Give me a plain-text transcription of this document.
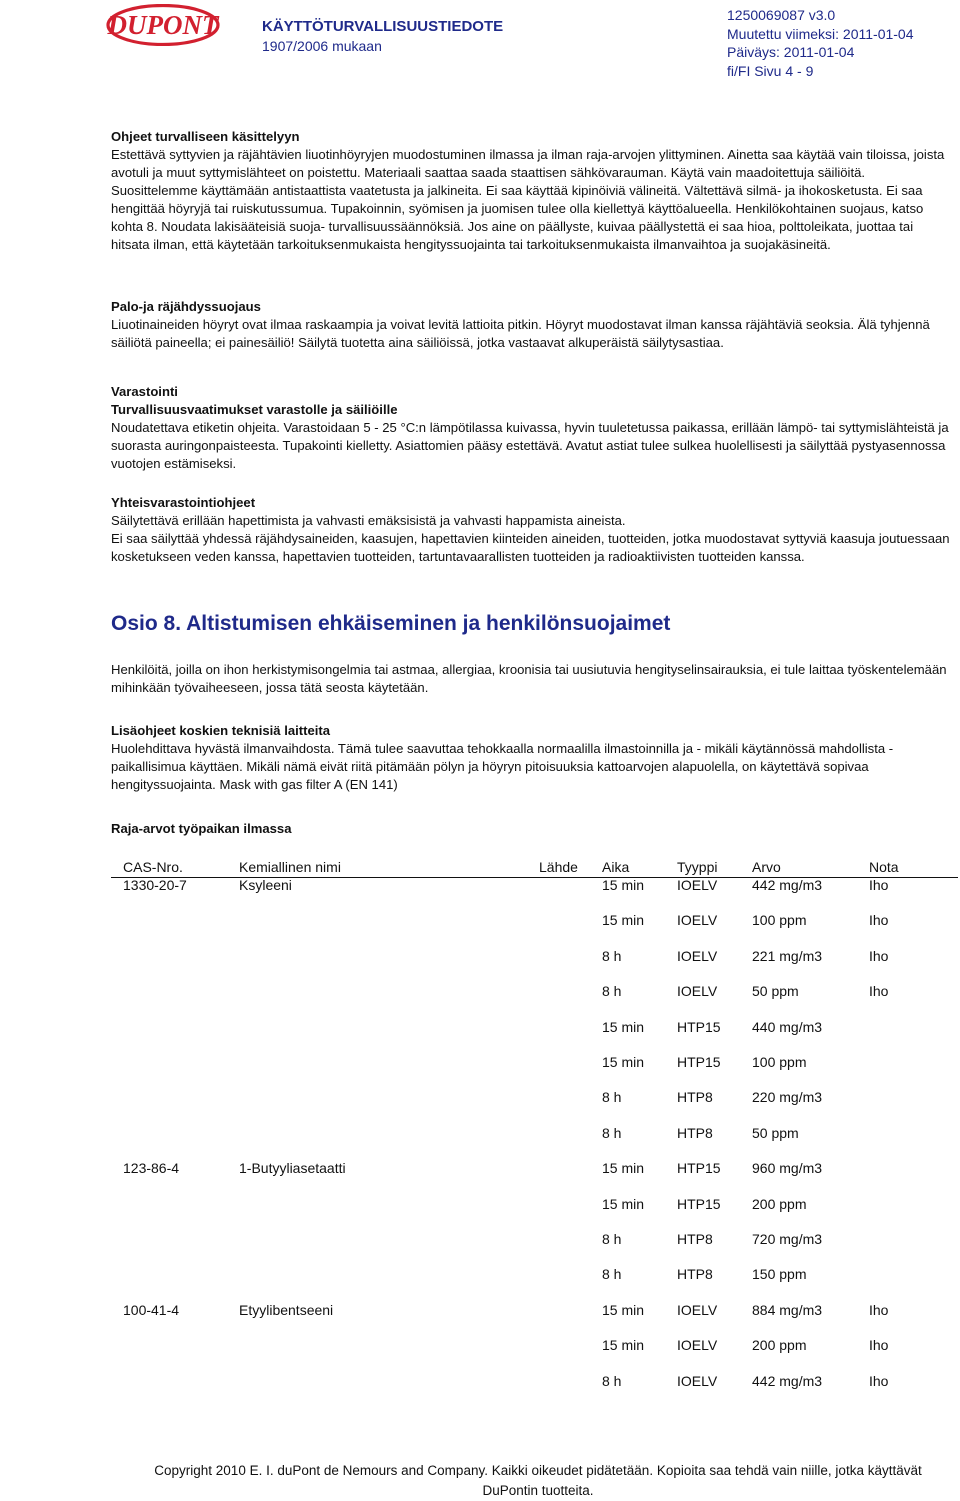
DUPONT	KÄYTTÖTURVALLISUUSTIEDOTE
1907/2006 mukaan
1250069087 v3.0
Muutettu viimeksi: 2011-01-04
Päiväys: 2011-01-04
fi/FI Sivu 4 - 9

Ohjeet turvalliseen käsittelyyn

Estettävä syttyvien ja räjähtävien liuotinhöyryjen muodostuminen ilmassa ja ilman raja-arvojen ylittyminen. Ainetta saa käytää vain tiloissa, joista avotuli ja muut syttymislähteet on poistettu. Materiaali saattaa saada staattisen sähkövarauman. Käytä vain maadoitettuja säiliöitä. Suosittelemme käyttämään antistaattista vaatetusta ja jalkineita. Ei saa käyttää kipinöiviä välineitä. Vältettävä silmä- ja ihokosketusta. Ei saa hengittää höyryjä tai ruiskutussumua. Tupakoinnin, syömisen ja juomisen tulee olla kiellettyä käyttöalueella. Henkilökohtainen suojaus, katso kohta 8. Noudata lakisääteisiä suoja- turvallisuussäännöksiä. Jos aine on päällyste, kuivaa päällystettä ei saa hioa, polttoleikata, juottaa tai hitsata ilman, että käytetään tarkoituksenmukaista hengityssuojainta tai tarkoituksenmukaista ilmanvaihtoa ja suojakäsineitä.

Palo-ja räjähdyssuojaus

Liuotinaineiden höyryt ovat ilmaa raskaampia ja voivat levitä lattioita pitkin. Höyryt muodostavat ilman kanssa räjähtäviä seoksia. Älä tyhjennä säiliötä paineella; ei painesäiliö! Säilytä tuotetta aina säiliöissä, jotka vastaavat alkuperäistä säilytysastiaa.

Varastointi

Turvallisuusvaatimukset varastolle ja säiliöille

Noudatettava etiketin ohjeita. Varastoidaan 5 - 25 °C:n lämpötilassa kuivassa, hyvin tuuletetussa paikassa, erillään lämpö- tai syttymislähteistä ja suorasta auringonpaisteesta. Tupakointi kielletty. Asiattomien pääsy estettävä. Avatut astiat tulee sulkea huolellisesti ja säilyttää pystyasennossa vuotojen estämiseksi.

Yhteisvarastointiohjeet

Säilytettävä erillään hapettimista ja vahvasti emäksisistä ja vahvasti happamista aineista.

Ei saa säilyttää yhdessä räjähdysaineiden, kaasujen, hapettavien kiinteiden aineiden, tuotteiden, jotka muodostavat syttyviä kaasuja joutuessaan kosketukseen veden kanssa, hapettavien tuotteiden, tartuntavaarallisten tuotteiden ja radioaktiivisten tuotteiden kanssa.

Osio 8. Altistumisen ehkäiseminen ja henkilönsuojaimet
Henkilöitä, joilla on ihon herkistymisongelmia tai astmaa, allergiaa, kroonisia tai uusiutuvia hengityselinsairauksia, ei tule laittaa työskentelemään mihinkään työvaiheeseen, jossa tätä seosta käytetään.

Lisäohjeet koskien teknisiä laitteita

Huolehdittava hyvästä ilmanvaihdosta. Tämä tulee saavuttaa tehokkaalla normaalilla ilmastoinnilla ja - mikäli käytännössä mahdollista - paikallisimua käyttäen. Mikäli nämä eivät riitä pitämään pölyn ja höyryn pitoisuuksia kattoarvojen alapuolella, on käytettävä sopivaa hengityssuojainta. Mask with gas filter A (EN 141)

Raja-arvot työpaikan ilmassa
CAS-Nro.	Kemiallinen nimi	Lähde Aika	Tyyppi Arvo	Nota
1330-20-7	Ksyleeni	15 min IOELV 442 mg/m3	Iho
15 min IOELV 100 ppm	Iho
8 h	IOELV 221 mg/m3	Iho
8 h	IOELV 50 ppm	Iho
15 min HTP15 440 mg/m3
15 min HTP15 100 ppm
8 h	HTP8	220 mg/m3
8 h	HTP8	50 ppm
123-86-4	1-Butyyliasetaatti	15 min HTP15 960 mg/m3
15 min HTP15 200 ppm
8 h	HTP8	720 mg/m3
8 h	HTP8	150 ppm
100-41-4	Etyylibentseeni	15 min IOELV 884 mg/m3	Iho
15 min IOELV 200 ppm	Iho
8 h	IOELV 442 mg/m3	Iho
Copyright 2010 E. I. duPont de Nemours and Company. Kaikki oikeudet pidätetään. Kopioita saa tehdä vain niille, jotka käyttävät DuPontin tuotteita.
